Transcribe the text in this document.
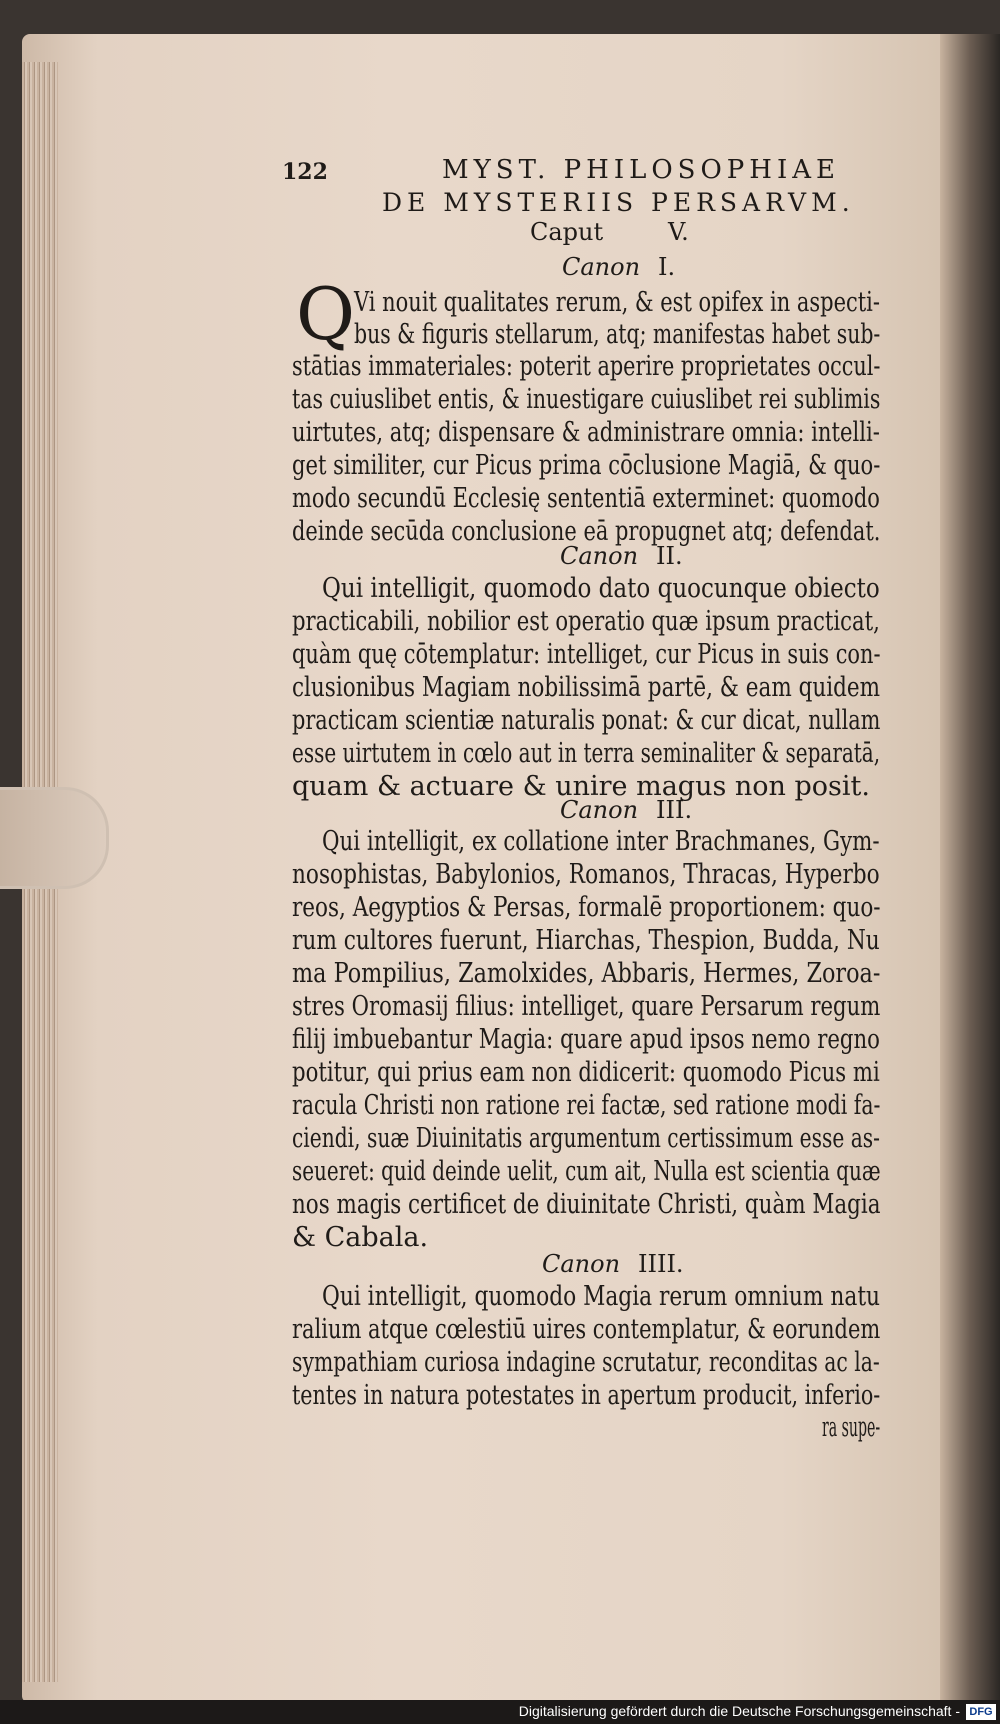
122	MYST. PHILOSOPHIAE
DE MYSTERIIS PERSARVM.
Caput	V.
Canon I.
Q
Vi nouit qualitates rerum, & est opifex in aspecti-
bus & figuris stellarum, atq; manifestas habet sub-
stātias immateriales: poterit aperire proprietates occul-
tas cuiuslibet entis, & inuestigare cuiuslibet rei sublimis
uirtutes, atq; dispensare & administrare omnia: intelli-
get similiter, cur Picus prima cōclusione Magiā, & quo-
modo secundū Ecclesię sententiā exterminet: quomodo
deinde secūda conclusione eā propugnet atq; defendat.
Canon II.
Qui intelligit, quomodo dato quocunque obiecto
practicabili, nobilior est operatio quæ ipsum practicat,
quàm quę cōtemplatur: intelliget, cur Picus in suis con-
clusionibus Magiam nobilissimā partē, & eam quidem
practicam scientiæ naturalis ponat: & cur dicat, nullam
esse uirtutem in cœlo aut in terra seminaliter & separatā,
quam & actuare & unire magus non posit.
Canon III.
Qui intelligit, ex collatione inter Brachmanes, Gym-
nosophistas, Babylonios, Romanos, Thracas, Hyperbo
reos, Aegyptios & Persas, formalē proportionem: quo-
rum cultores fuerunt, Hiarchas, Thespion, Budda, Nu
ma Pompilius, Zamolxides, Abbaris, Hermes, Zoroa-
stres Oromasij filius: intelliget, quare Persarum regum
filij imbuebantur Magia: quare apud ipsos nemo regno
potitur, qui prius eam non didicerit: quomodo Picus mi
racula Christi non ratione rei factæ, sed ratione modi fa-
ciendi, suæ Diuinitatis argumentum certissimum esse as-
seueret: quid deinde uelit, cum ait, Nulla est scientia quæ
nos magis certificet de diuinitate Christi, quàm Magia
& Cabala.
Canon IIII.
Qui intelligit, quomodo Magia rerum omnium natu
ralium atque cœlestiū uires contemplatur, & eorundem
sympathiam curiosa indagine scrutatur, reconditas ac la-
tentes in natura potestates in apertum producit, inferio-
ra supe-
Digitalisierung gefördert durch die Deutsche Forschungsgemeinschaft - DFG
